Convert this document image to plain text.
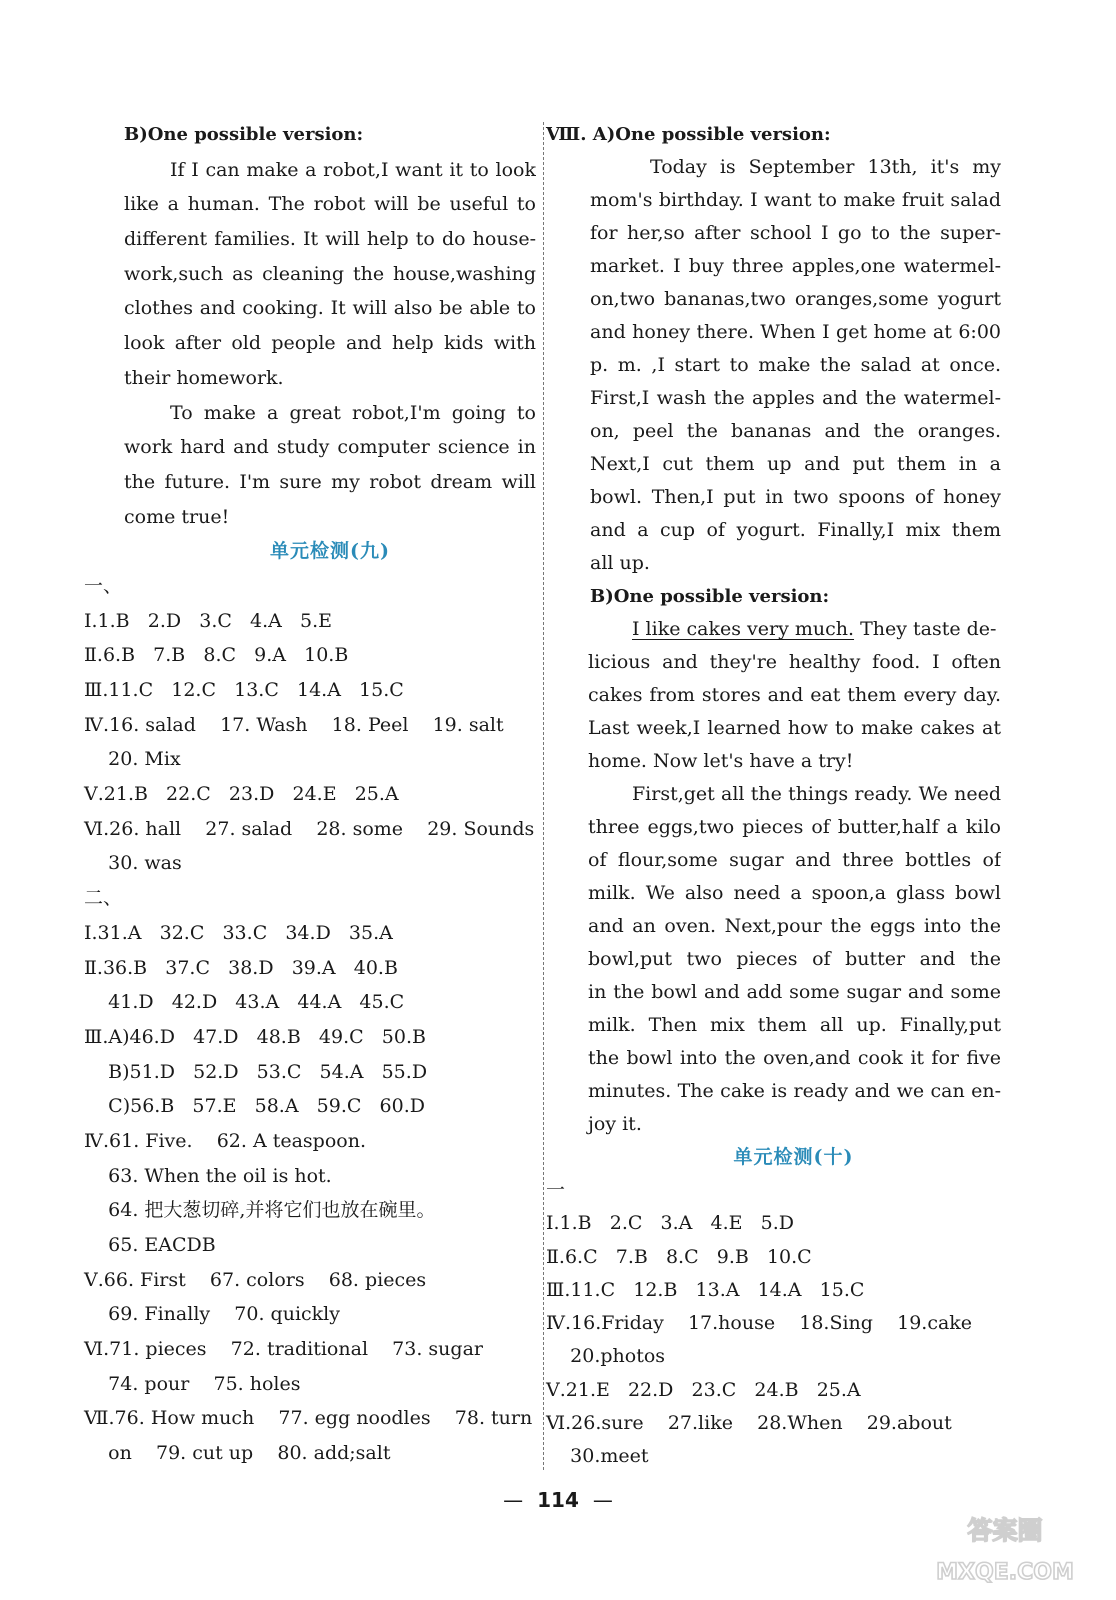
B)One possible version:
If I can make a robot,I want it to look
like a human. The robot will be useful to
different families. It will help to do house-
work,such as cleaning the house,washing
clothes and cooking. It will also be able to
look after old people and help kids with
their homework.
To make a great robot,I'm going to
work hard and study computer science in
the future. I'm sure my robot dream will
come true!
单元检测(九)
一、
Ⅰ.1.B   2.D   3.C   4.A   5.E
Ⅱ.6.B   7.B   8.C   9.A   10.B
Ⅲ.11.C   12.C   13.C   14.A   15.C
Ⅳ.16. salad    17. Wash    18. Peel    19. salt
20. Mix
Ⅴ.21.B   22.C   23.D   24.E   25.A
Ⅵ.26. hall    27. salad    28. some    29. Sounds
30. was
二、
Ⅰ.31.A   32.C   33.C   34.D   35.A
Ⅱ.36.B   37.C   38.D   39.A   40.B
41.D   42.D   43.A   44.A   45.C
Ⅲ.A)46.D   47.D   48.B   49.C   50.B
B)51.D   52.D   53.C   54.A   55.D
C)56.B   57.E   58.A   59.C   60.D
Ⅳ.61. Five.    62. A teaspoon.
63. When the oil is hot.
64. 把大葱切碎,并将它们也放在碗里。
65. EACDB
Ⅴ.66. First    67. colors    68. pieces
69. Finally    70. quickly
Ⅵ.71. pieces    72. traditional    73. sugar
74. pour    75. holes
Ⅶ.76. How much    77. egg noodles    78. turn
on    79. cut up    80. add;salt
Ⅷ. A)One possible version:
Today is September 13th, it's my
mom's birthday. I want to make fruit salad
for her,so after school I go to the super-
market. I buy three apples,one watermel-
on,two bananas,two oranges,some yogurt
and honey there. When I get home at 6:00
p. m. ,I start to make the salad at once.
First,I wash the apples and the watermel-
on, peel the bananas and the oranges.
Next,I cut them up and put them in a
bowl. Then,I put in two spoons of honey
and a cup of yogurt. Finally,I mix them
all up.
B)One possible version:
I like cakes very much. They taste de-
licious and they're healthy food. I often
cakes from stores and eat them every day.
Last week,I learned how to make cakes at
home. Now let's have a try!
First,get all the things ready. We need
three eggs,two pieces of butter,half a kilo
of flour,some sugar and three bottles of
milk. We also need a spoon,a glass bowl
and an oven. Next,pour the eggs into the
bowl,put two pieces of butter and the
in the bowl and add some sugar and some
milk. Then mix them all up. Finally,put
the bowl into the oven,and cook it for five
minutes. The cake is ready and we can en-
joy it.
单元检测(十)
一
Ⅰ.1.B   2.C   3.A   4.E   5.D
Ⅱ.6.C   7.B   8.C   9.B   10.C
Ⅲ.11.C   12.B   13.A   14.A   15.C
Ⅳ.16.Friday    17.house    18.Sing    19.cake
20.photos
Ⅴ.21.E   22.D   23.C   24.B   25.A
Ⅵ.26.sure    27.like    28.When    29.about
30.meet
— 114 —
答案圈
MXQE.COM
